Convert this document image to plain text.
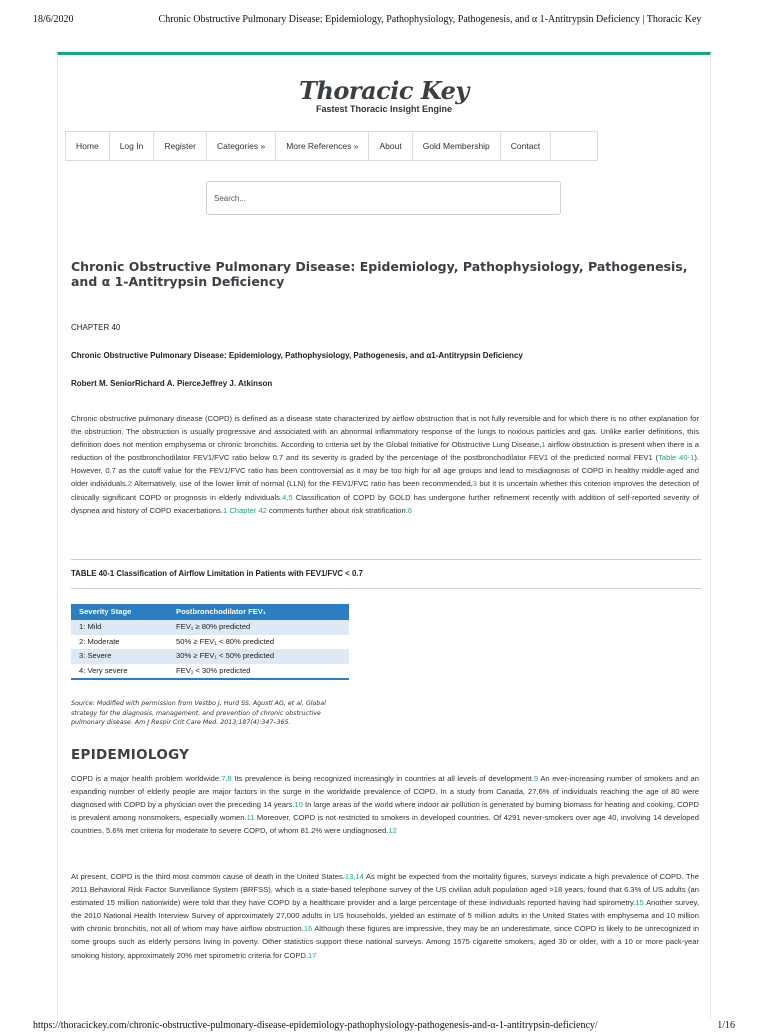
18/6/2020	Chronic Obstructive Pulmonary Disease: Epidemiology, Pathophysiology, Pathogenesis, and α 1-Antitrypsin Deficiency | Thoracic Key
Thoracic Key
Fastest Thoracic Insight Engine
Home	Log In	Register	Categories »	More References »	About	Gold Membership	Contact
Search...
Chronic Obstructive Pulmonary Disease: Epidemiology, Pathophysiology, Pathogenesis, and α 1-Antitrypsin Deficiency
CHAPTER 40
Chronic Obstructive Pulmonary Disease: Epidemiology, Pathophysiology, Pathogenesis, and α1-Antitrypsin Deficiency
Robert M. SeniorRichard A. PierceJeffrey J. Atkinson

Chronic obstructive pulmonary disease (COPD) is defined as a disease state characterized by airflow obstruction that is not fully reversible and for which there is no other explanation for the obstruction. The obstruction is usually progressive and associated with an abnormal inflammatory response of the lungs to noxious particles and gas. Unlike earlier definitions, this definition does not mention emphysema or chronic bronchitis. According to criteria set by the Global Initiative for Obstructive Lung Disease,1 airflow obstruction is present when there is a reduction of the postbronchodilator FEV1/FVC ratio below 0.7 and its severity is graded by the percentage of the postbronchodilator FEV1 of the predicted normal FEV1 (Table 40-1). However, 0.7 as the cutoff value for the FEV1/FVC ratio has been controversial as it may be too high for all age groups and lead to misdiagnosis of COPD in healthy middle-aged and older individuals.2 Alternatively, use of the lower limit of normal (LLN) for the FEV1/FVC ratio has been recommended,3 but it is uncertain whether this criterion improves the detection of clinically significant COPD or prognosis in elderly individuals.4,5 Classification of COPD by GOLD has undergone further refinement recently with addition of self-reported severity of dyspnea and history of COPD exacerbations.1 Chapter 42 comments further about risk stratification.6

TABLE 40-1 Classification of Airflow Limitation in Patients with FEV1/FVC < 0.7
Severity Stage	Postbronchodilator FEV₁
1: Mild	FEV₁ ≥ 80% predicted
2: Moderate	50% ≥ FEV₁ < 80% predicted
3: Severe	30% ≥ FEV₁ < 50% predicted
4: Very severe	FEV₁ < 30% predicted
Source: Modified with permission from Vestbo J, Hurd SS, Agustí AG, et al. Global strategy for the diagnosis, management, and prevention of chronic obstructive pulmonary disease. Am J Respir Crit Care Med. 2013;187(4):347–365.
EPIDEMIOLOGY

COPD is a major health problem worldwide.7,8 Its prevalence is being recognized increasingly in countries at all levels of development.9 An ever-increasing number of smokers and an expanding number of elderly people are major factors in the surge in the worldwide prevalence of COPD. In a study from Canada, 27.6% of individuals reaching the age of 80 were diagnosed with COPD by a physician over the preceding 14 years.10 In large areas of the world where indoor air pollution is generated by burning biomass for heating and cooking, COPD is prevalent among nonsmokers, especially women.11 Moreover, COPD is not restricted to smokers in developed countries. Of 4291 never-smokers over age 40, involving 14 developed countries, 5.6% met criteria for moderate to severe COPD, of whom 81.2% were undiagnosed.12

At present, COPD is the third most common cause of death in the United States.13,14 As might be expected from the mortality figures, surveys indicate a high prevalence of COPD. The 2011 Behavioral Risk Factor Surveillance System (BRFSS), which is a state-based telephone survey of the US civilian adult population aged >18 years, found that 6.3% of US adults (an estimated 15 million nationwide) were told that they have COPD by a healthcare provider and a large percentage of these individuals reported having had spirometry.15 Another survey, the 2010 National Health Interview Survey of approximately 27,000 adults in US households, yielded an estimate of 5 million adults in the United States with emphysema and 10 million with chronic bronchitis, not all of whom may have airflow obstruction.16 Although these figures are impressive, they may be an underestimate, since COPD is likely to be unrecognized in some groups such as elderly persons living in poverty. Other statistics support these national surveys. Among 1575 cigarette smokers, aged 30 or older, with a 10 or more pack-year smoking history, approximately 20% met spirometric criteria for COPD.17

https://thoracickey.com/chronic-obstructive-pulmonary-disease-epidemiology-pathophysiology-pathogenesis-and-α-1-antitrypsin-deficiency/	1/16
